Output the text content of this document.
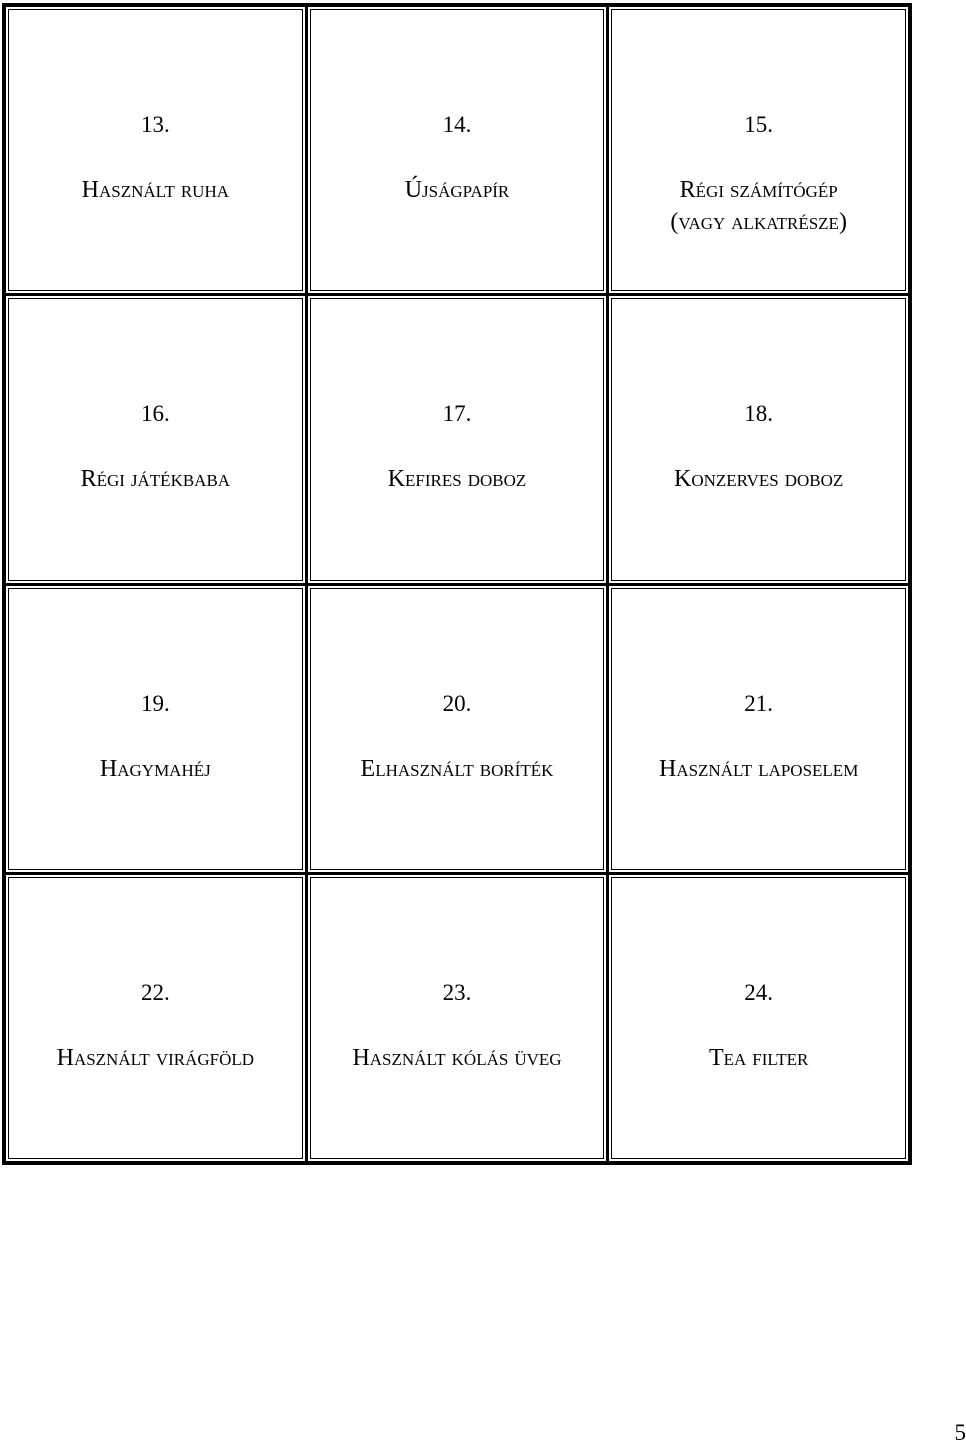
13.
Használt ruha
14.
Újságpapír
15.
Régi számítógép
(vagy alkatrésze)
16.
Régi játékbaba
17.
Kefires doboz
18.
Konzerves doboz
19.
Hagymahéj
20.
Elhasznált boríték
21.
Használt laposelem
22.
Használt virágföld
23.
Használt kólás üveg
24.
Tea filter
5
